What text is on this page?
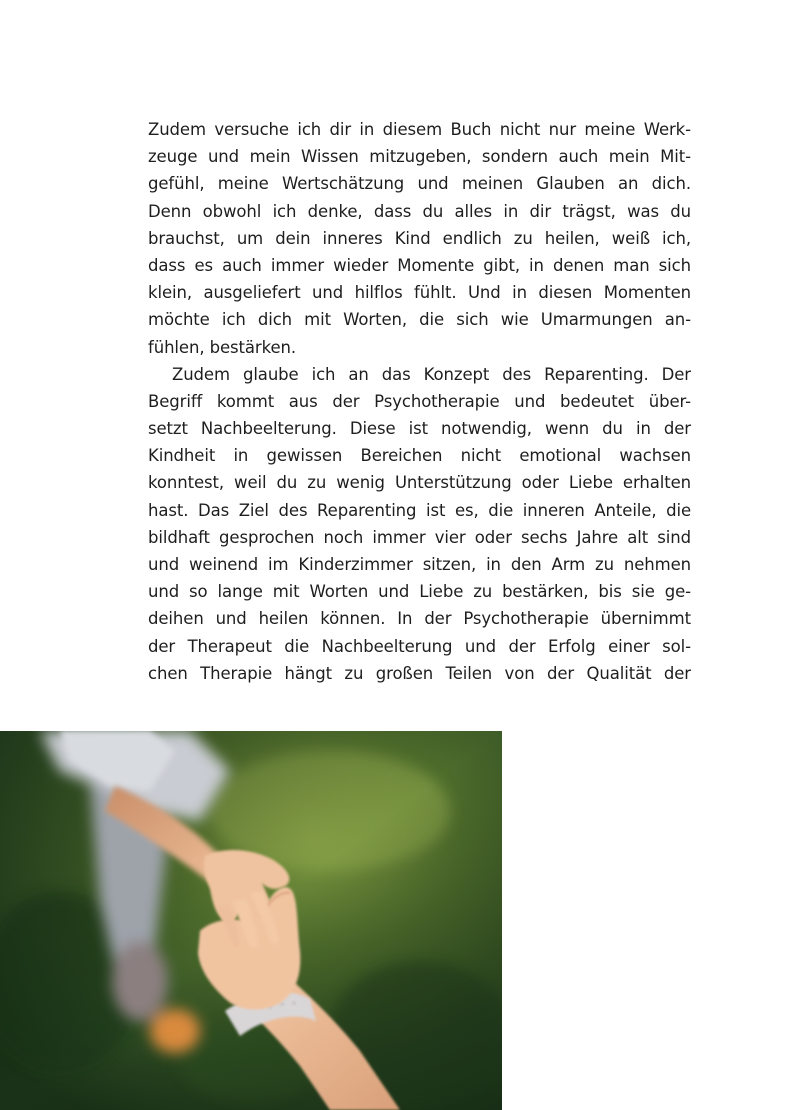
Zudem versuche ich dir in diesem Buch nicht nur meine Werk-
zeuge und mein Wissen mitzugeben, sondern auch mein Mit-
gefühl, meine Wertschätzung und meinen Glauben an dich.
Denn obwohl ich denke, dass du alles in dir trägst, was du
brauchst, um dein inneres Kind endlich zu heilen, weiß ich,
dass es auch immer wieder Momente gibt, in denen man sich
klein, ausgeliefert und hilflos fühlt. Und in diesen Momenten
möchte ich dich mit Worten, die sich wie Umarmungen an-
fühlen, bestärken.
Zudem glaube ich an das Konzept des Reparenting. Der
Begriff kommt aus der Psychotherapie und bedeutet über-
setzt Nachbeelterung. Diese ist notwendig, wenn du in der
Kindheit in gewissen Bereichen nicht emotional wachsen
konntest, weil du zu wenig Unterstützung oder Liebe erhalten
hast. Das Ziel des Reparenting ist es, die inneren Anteile, die
bildhaft gesprochen noch immer vier oder sechs Jahre alt sind
und weinend im Kinderzimmer sitzen, in den Arm zu nehmen
und so lange mit Worten und Liebe zu bestärken, bis sie ge-
deihen und heilen können. In der Psychotherapie übernimmt
der Therapeut die Nachbeelterung und der Erfolg einer sol-
chen Therapie hängt zu großen Teilen von der Qualität der
